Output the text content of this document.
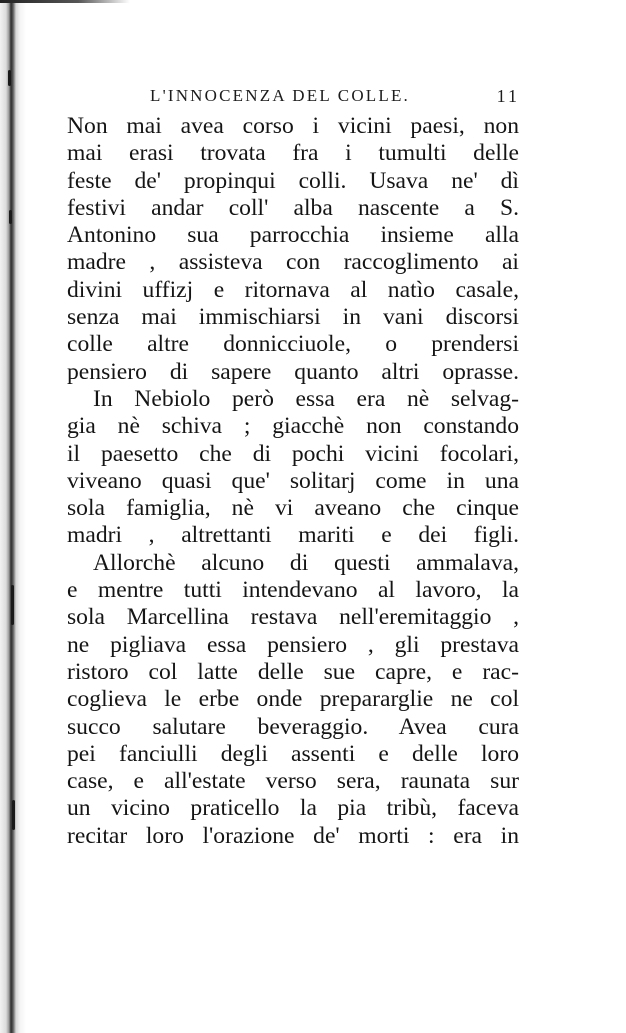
L'INNOCENZA DEL COLLE.	11
Non mai avea corso i vicini paesi, non
mai erasi trovata fra i tumulti delle
feste de' propinqui colli. Usava ne' dì
festivi andar coll' alba nascente a S.
Antonino sua parrocchia insieme alla
madre , assisteva con raccoglimento ai
divini uffizj e ritornava al natìo casale,
senza mai immischiarsi in vani discorsi
colle altre donnicciuole, o prendersi
pensiero di sapere quanto altri oprasse.
In Nebiolo però essa era nè selvag-
gia nè schiva ; giacchè non constando
il paesetto che di pochi vicini focolari,
viveano quasi que' solitarj come in una
sola famiglia, nè vi aveano che cinque
madri , altrettanti mariti e dei figli.
Allorchè alcuno di questi ammalava,
e mentre tutti intendevano al lavoro, la
sola Marcellina restava nell'eremitaggio ,
ne pigliava essa pensiero , gli prestava
ristoro col latte delle sue capre, e rac-
coglieva le erbe onde prepararglie ne col
succo salutare beveraggio. Avea cura
pei fanciulli degli assenti e delle loro
case, e all'estate verso sera, raunata sur
un vicino praticello la pia tribù, faceva
recitar loro l'orazione de' morti : era in
